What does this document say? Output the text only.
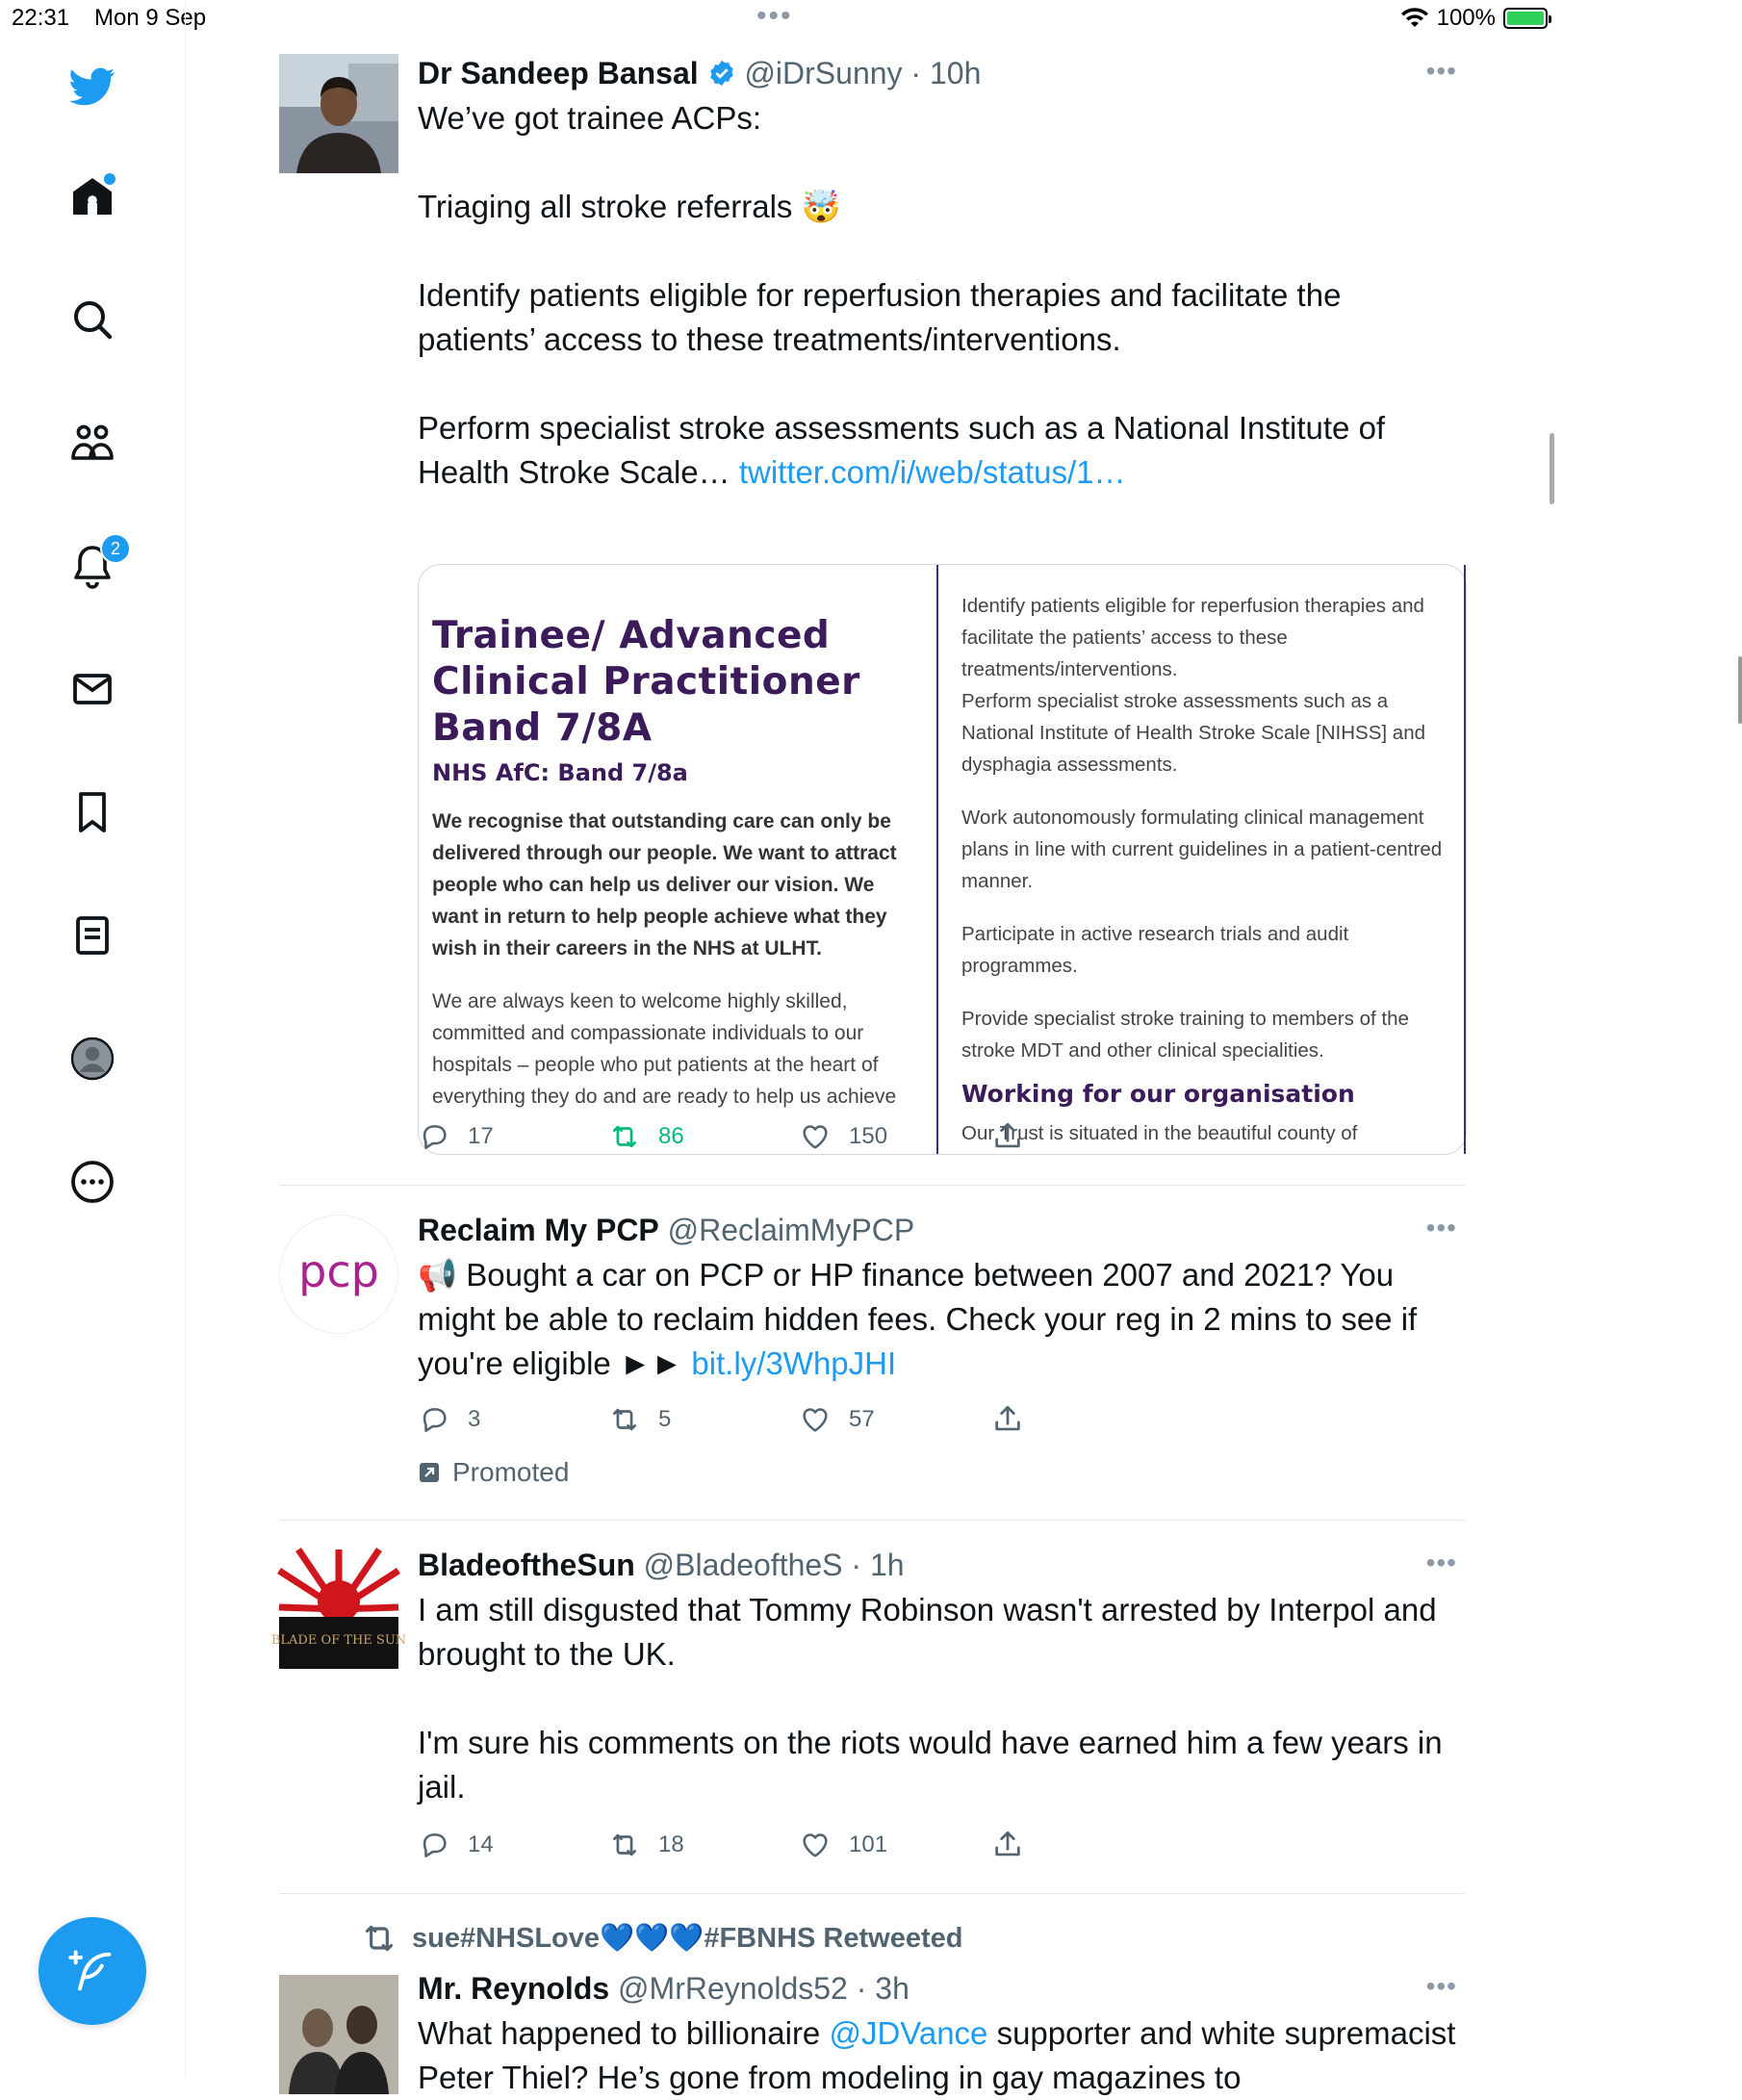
22:31 Mon 9 Sep	•••	100%
2
Dr Sandeep Bansal @iDrSunny · 10h	•••
We’ve got trainee ACPs:

Triaging all stroke referrals 🤯

Identify patients eligible for reperfusion therapies and facilitate the patients’ access to these treatments/interventions.

Perform specialist stroke assessments such as a National Institute of Health Stroke Scale… twitter.com/i/web/status/1…
Trainee/ Advanced Clinical Practitioner Band 7/8A
NHS AfC: Band 7/8a
We recognise that outstanding care can only be delivered through our people. We want to attract people who can help us deliver our vision. We want in return to help people achieve what they wish in their careers in the NHS at ULHT.
We are always keen to welcome highly skilled, committed and compassionate individuals to our hospitals – people who put patients at the heart of everything they do and are ready to help us achieve
Identify patients eligible for reperfusion therapies and facilitate the patients’ access to these treatments/interventions.
Perform specialist stroke assessments such as a National Institute of Health Stroke Scale [NIHSS] and dysphagia assessments.
Work autonomously formulating clinical management plans in line with current guidelines in a patient-centred manner.
Participate in active research trials and audit programmes.
Provide specialist stroke training to members of the stroke MDT and other clinical specialities.
Working for our organisation
Our Trust is situated in the beautiful county of
17	86	150
pcp
Reclaim My PCP @ReclaimMyPCP	•••
📢 Bought a car on PCP or HP finance between 2007 and 2021? You might be able to reclaim hidden fees. Check your reg in 2 mins to see if you're eligible ►► bit.ly/3WhpJHI
3	5	57
Promoted
BLADE OF THE SUN
BladeoftheSun @BladeoftheS · 1h	•••
I am still disgusted that Tommy Robinson wasn't arrested by Interpol and brought to the UK.

I'm sure his comments on the riots would have earned him a few years in jail.
14	18	101
sue#NHSLove💙💙💙#FBNHS Retweeted
Mr. Reynolds @MrReynolds52 · 3h	•••
What happened to billionaire @JDVance supporter and white supremacist Peter Thiel? He’s gone from modeling in gay magazines to
